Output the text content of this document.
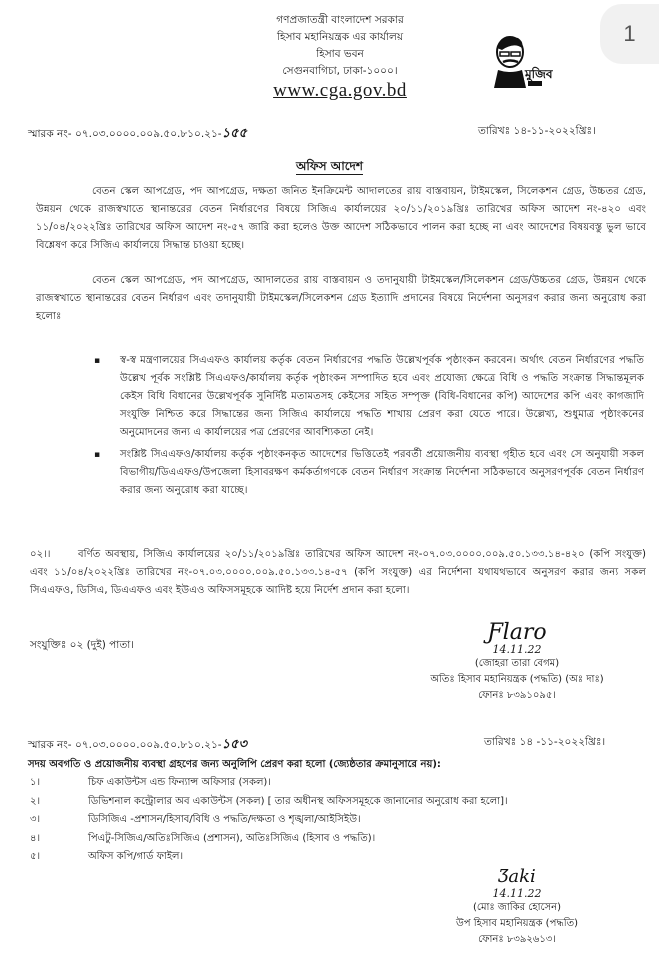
গণপ্রজাতন্ত্রী বাংলাদেশ সরকার
হিসাব মহানিয়ন্ত্রক এর কার্যালয়
হিসাব ভবন
সেগুনবাগিচা, ঢাকা-১০০০।
www.cga.gov.bd
মুজিব
1
স্মারক নং- ০৭.০৩.০০০০.০০৯.৫০.৮১০.২১-১৫৫	তারিখঃ ১৪-১১-২০২২খ্রিঃ।
অফিস আদেশ
বেতন স্কেল আপগ্রেড, পদ আপগ্রেড, দক্ষতা জনিত ইনক্রিমেন্ট আদালতের রায় বাস্তবায়ন, টাইমস্কেল, সিলেকশন গ্রেড, উচ্চতর গ্রেড, উন্নয়ন থেকে রাজস্বখাতে স্থানান্তরের বেতন নির্ধারণের বিষয়ে সিজিএ কার্যালয়ের ২০/১১/২০১৯খ্রিঃ তারিখের অফিস আদেশ নং-৪২০ এবং ১১/০৪/২০২২খ্রিঃ তারিখের অফিস আদেশ নং-৫৭ জারি করা হলেও উক্ত আদেশ সঠিকভাবে পালন করা হচ্ছে না এবং আদেশের বিষয়বস্তু ভুল ভাবে বিশ্লেষণ করে সিজিএ কার্যালয়ে সিদ্ধান্ত চাওয়া হচ্ছে।
বেতন স্কেল আপগ্রেড, পদ আপগ্রেড, আদালতের রায় বাস্তবায়ন ও তদানুযায়ী টাইমস্কেল/সিলেকশন গ্রেড/উচ্চতর গ্রেড, উন্নয়ন থেকে রাজস্বখাতে স্থানান্তরের বেতন নির্ধারণ এবং তদানুযায়ী টাইমস্কেল/সিলেকশন গ্রেড ইত্যাদি প্রদানের বিষয়ে নির্দেশনা অনুসরণ করার জন্য অনুরোধ করা হলোঃ
▪ স্ব-স্ব মন্ত্রণালয়ের সিএএফও কার্যালয় কর্তৃক বেতন নির্ধারণের পদ্ধতি উল্লেখপূর্বক পৃষ্ঠাংকন করবেন। অর্থাৎ বেতন নির্ধারণের পদ্ধতি উল্লেখ পূর্বক সংশ্লিষ্ট সিএএফও/কার্যালয় কর্তৃক পৃষ্ঠাংকন সম্পাদিত হবে এবং প্রযোজ্য ক্ষেত্রে বিধি ও পদ্ধতি সংক্রান্ত সিদ্ধান্তমূলক কেইস বিধি বিধানের উল্লেখপূর্বক সুনির্দিষ্ট মতামতসহ কেইসের সহিত সম্পৃক্ত (বিধি-বিধানের কপি) আদেশের কপি এবং কাগজাদি সংযুক্তি নিশ্চিত করে সিদ্ধান্তের জন্য সিজিএ কার্যালয়ে পদ্ধতি শাখায় প্রেরণ করা যেতে পারে। উল্লেখ্য, শুধুমাত্র পৃষ্ঠাংকনের অনুমোদনের জন্য এ কার্যালয়ের পত্র প্রেরণের আবশ্যিকতা নেই।
▪ সংশ্লিষ্ট সিএএফও/কার্যালয় কর্তৃক পৃষ্ঠাংকনকৃত আদেশের ভিত্তিতেই পরবর্তী প্রয়োজনীয় ব্যবস্থা গৃহীত হবে এবং সে অনুযায়ী সকল বিভাগীয়/ডিএএফও/উপজেলা হিসাবরক্ষণ কর্মকর্তাগণকে বেতন নির্ধারণ সংক্রান্ত নির্দেশনা সঠিকভাবে অনুসরণপূর্বক বেতন নির্ধারণ করার জন্য অনুরোধ করা যাচ্ছে।
০২।।	বর্ণিত অবস্থায়, সিজিএ কার্যালয়ের ২০/১১/২০১৯খ্রিঃ তারিখের অফিস আদেশ নং-০৭.০৩.০০০০.০০৯.৫০.১৩৩.১৪-৪২০ (কপি সংযুক্ত) এবং ১১/০৪/২০২২খ্রিঃ তারিখের নং-০৭.০৩.০০০০.০০৯.৫০.১৩৩.১৪-৫৭ (কপি সংযুক্ত) এর নির্দেশনা যথাযথভাবে অনুসরণ করার জন্য সকল সিএএফও, ডিসিএ, ডিএএফও এবং ইউএও অফিসসমূহকে আদিষ্ট হয়ে নির্দেশ প্রদান করা হলো।
সংযুক্তিঃ ০২ (দুই) পাতা।	Ƒlaro
14.11.22
(জোহরা তারা বেগম)
অতিঃ হিসাব মহানিয়ন্ত্রক (পদ্ধতি) (অঃ দাঃ)
ফোনঃ ৮৩৯১০৯৫।
স্মারক নং- ০৭.০৩.০০০০.০০৯.৫০.৮১০.২১-১৫৩	তারিখঃ ১৪ -১১-২০২২খ্রিঃ।
সদয় অবগতি ও প্রয়োজনীয় ব্যবস্থা গ্রহণের জন্য অনুলিপি প্রেরণ করা হলো (জ্যেষ্ঠতার ক্রমানুসারে নয়):
১।	চিফ একাউন্টস এন্ড ফিন্যান্স অফিসার (সকল)।
২।	ডিভিশনাল কন্ট্রোলার অব একাউন্টস (সকল) [ তার অধীনস্থ অফিসসমূহকে জানানোর অনুরোধ করা হলো]।
৩।	ডিসিজিএ -প্রশাসন/হিসাব/বিধি ও পদ্ধতি/দক্ষতা ও শৃঙ্খলা/আইসিইউ।
৪।	পিএটু-সিজিএ/অতিঃসিজিএ (প্রশাসন), অতিঃসিজিএ (হিসাব ও পদ্ধতি)।
৫।	অফিস কপি/গার্ড ফাইল।
Ʒaki
14.11.22
(মোঃ জাকির হোসেন)
উপ হিসাব মহানিয়ন্ত্রক (পদ্ধতি)
ফোনঃ ৮৩৯২৬১৩।
